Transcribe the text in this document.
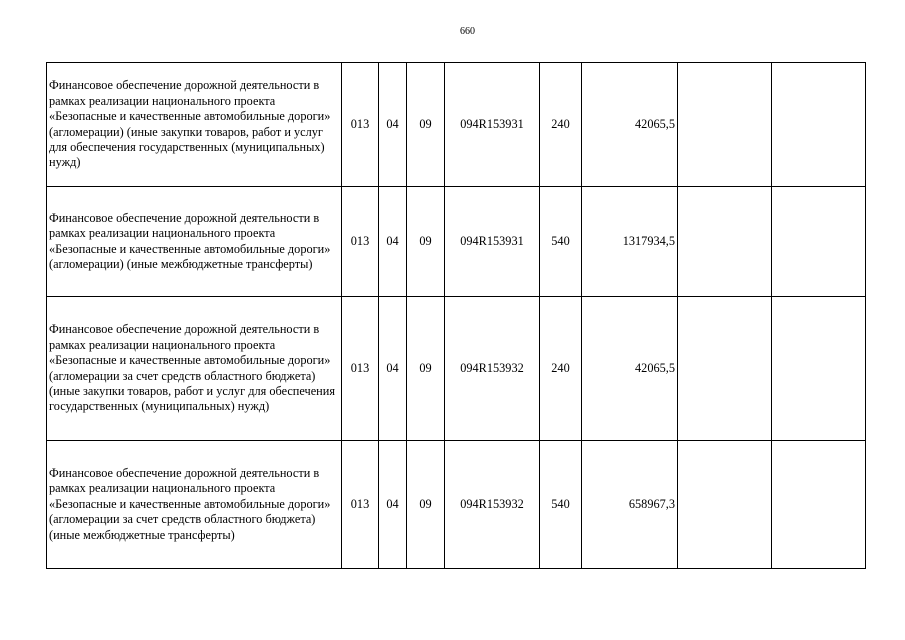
660
Финансовое обеспечение дорожной деятельности в рамках реализации национального проекта «Безопасные и качественные автомобильные дороги» (агломерации) (иные закупки товаров, работ и услуг для обеспечения государственных (муниципальных) нужд)	013	04	09	094R153931	240	42065,5		
Финансовое обеспечение дорожной деятельности в рамках реализации национального проекта «Безопасные и качественные автомобильные дороги» (агломерации) (иные межбюджетные трансферты)	013	04	09	094R153931	540	1317934,5		
Финансовое обеспечение дорожной деятельности в рамках реализации национального проекта «Безопасные и качественные автомобильные дороги» (агломерации за счет средств областного бюджета) (иные закупки товаров, работ и услуг для обеспечения государственных (муниципальных) нужд)	013	04	09	094R153932	240	42065,5		
Финансовое обеспечение дорожной деятельности в рамках реализации национального проекта «Безопасные и качественные автомобильные дороги» (агломерации за счет средств областного бюджета) (иные межбюджетные трансферты)	013	04	09	094R153932	540	658967,3		
